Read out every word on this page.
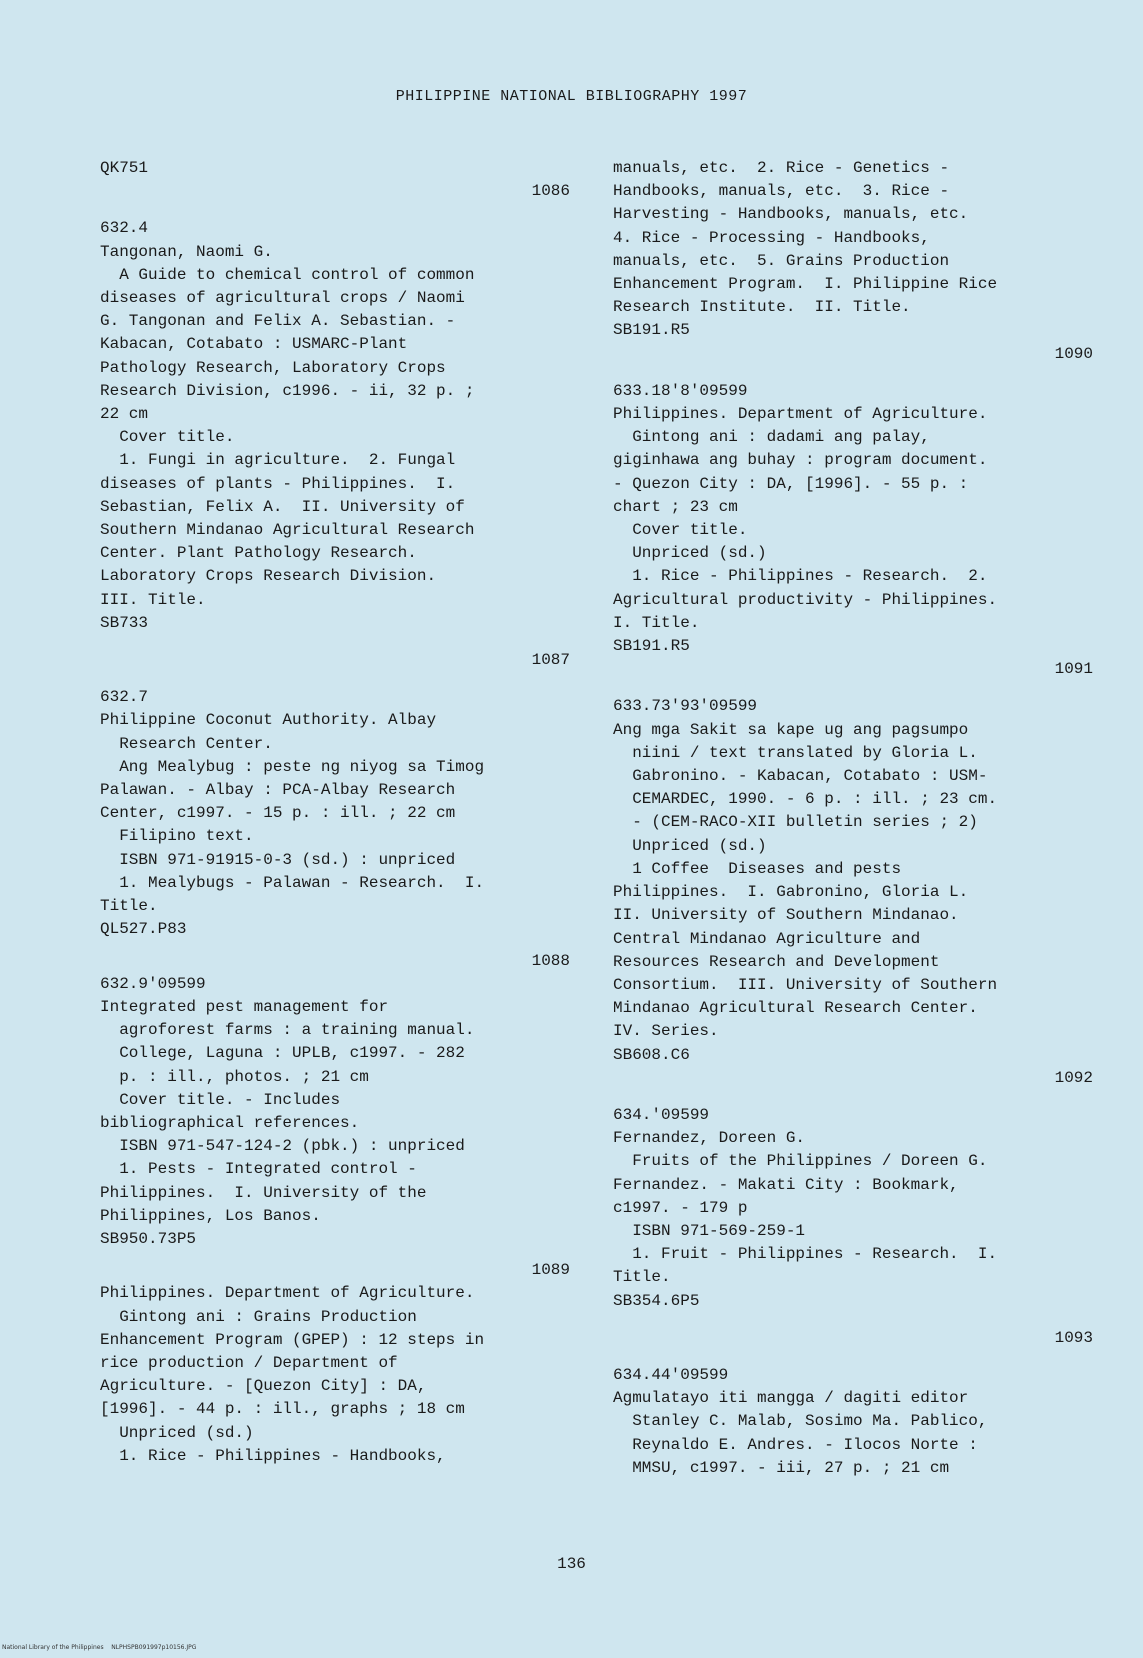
PHILIPPINE NATIONAL BIBLIOGRAPHY 1997
QK751
1086
632.4
Tangonan, Naomi G.
A Guide to chemical control of common
diseases of agricultural crops / Naomi
G. Tangonan and Felix A. Sebastian. -
Kabacan, Cotabato : USMARC-Plant
Pathology Research, Laboratory Crops
Research Division, c1996. - ii, 32 p. ;
22 cm
Cover title.
1. Fungi in agriculture.  2. Fungal
diseases of plants - Philippines.  I.
Sebastian, Felix A.  II. University of
Southern Mindanao Agricultural Research
Center. Plant Pathology Research.
Laboratory Crops Research Division.
III. Title.
SB733
1087
632.7
Philippine Coconut Authority. Albay
Research Center.
Ang Mealybug : peste ng niyog sa Timog
Palawan. - Albay : PCA-Albay Research
Center, c1997. - 15 p. : ill. ; 22 cm
Filipino text.
ISBN 971-91915-0-3 (sd.) : unpriced
1. Mealybugs - Palawan - Research.  I.
Title.
QL527.P83
1088
632.9'09599
Integrated pest management for
agroforest farms : a training manual.
College, Laguna : UPLB, c1997. - 282
p. : ill., photos. ; 21 cm
Cover title. - Includes
bibliographical references.
ISBN 971-547-124-2 (pbk.) : unpriced
1. Pests - Integrated control -
Philippines.  I. University of the
Philippines, Los Banos.
SB950.73P5
1089
Philippines. Department of Agriculture.
Gintong ani : Grains Production
Enhancement Program (GPEP) : 12 steps in
rice production / Department of
Agriculture. - [Quezon City] : DA,
[1996]. - 44 p. : ill., graphs ; 18 cm
Unpriced (sd.)
1. Rice - Philippines - Handbooks,
manuals, etc.  2. Rice - Genetics -
Handbooks, manuals, etc.  3. Rice -
Harvesting - Handbooks, manuals, etc.
4. Rice - Processing - Handbooks,
manuals, etc.  5. Grains Production
Enhancement Program.  I. Philippine Rice
Research Institute.  II. Title.
SB191.R5
1090
633.18'8'09599
Philippines. Department of Agriculture.
Gintong ani : dadami ang palay,
giginhawa ang buhay : program document.
- Quezon City : DA, [1996]. - 55 p. :
chart ; 23 cm
Cover title.
Unpriced (sd.)
1. Rice - Philippines - Research.  2.
Agricultural productivity - Philippines.
I. Title.
SB191.R5
1091
633.73'93'09599
Ang mga Sakit sa kape ug ang pagsumpo
niini / text translated by Gloria L.
Gabronino. - Kabacan, Cotabato : USM-
CEMARDEC, 1990. - 6 p. : ill. ; 23 cm.
- (CEM-RACO-XII bulletin series ; 2)
Unpriced (sd.)
1 Coffee  Diseases and pests
Philippines.  I. Gabronino, Gloria L.
II. University of Southern Mindanao.
Central Mindanao Agriculture and
Resources Research and Development
Consortium.  III. University of Southern
Mindanao Agricultural Research Center.
IV. Series.
SB608.C6
1092
634.'09599
Fernandez, Doreen G.
Fruits of the Philippines / Doreen G.
Fernandez. - Makati City : Bookmark,
c1997. - 179 p
ISBN 971-569-259-1
1. Fruit - Philippines - Research.  I.
Title.
SB354.6P5
1093
634.44'09599
Agmulatayo iti mangga / dagiti editor
Stanley C. Malab, Sosimo Ma. Pablico,
Reynaldo E. Andres. - Ilocos Norte :
MMSU, c1997. - iii, 27 p. ; 21 cm
136
National Library of the Philippines    NLPHSPB091997p10156.JPG
